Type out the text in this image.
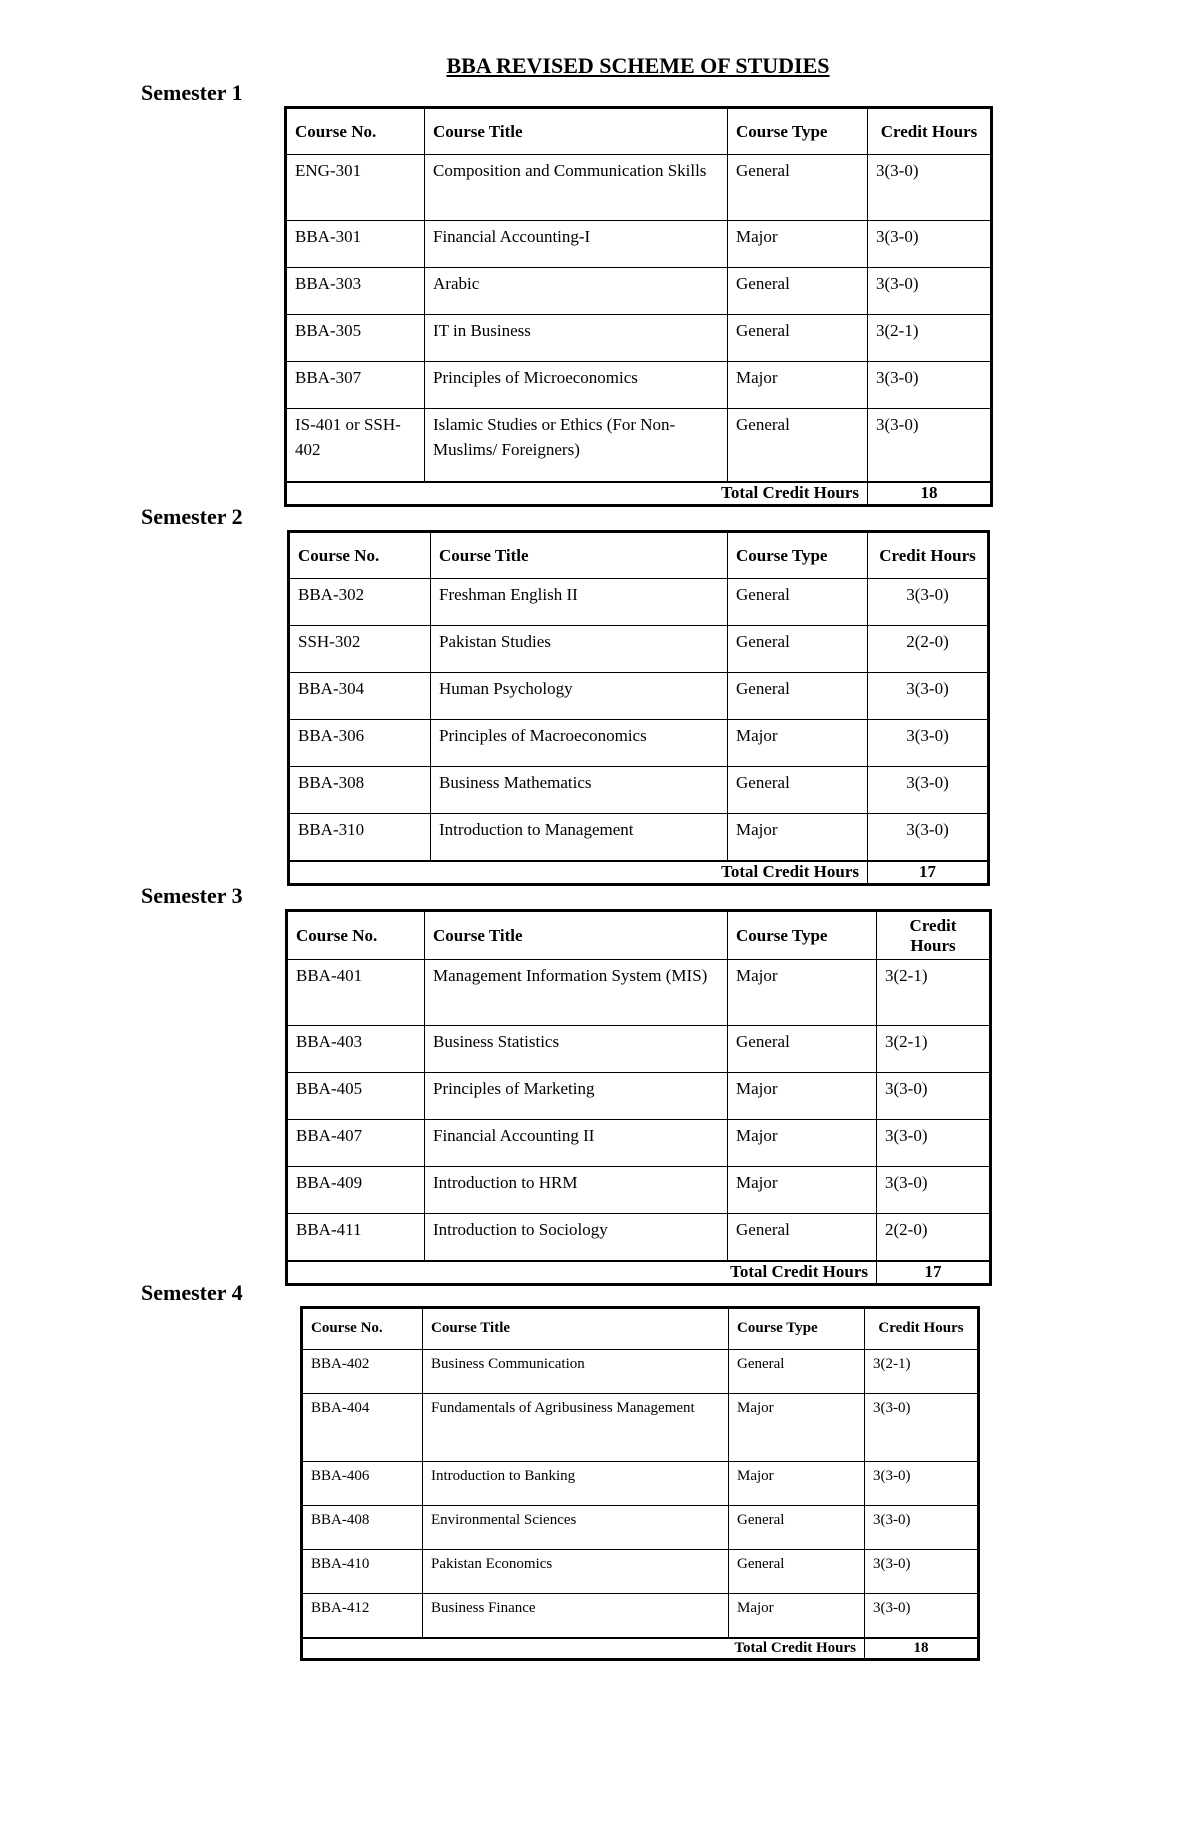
BBA REVISED SCHEME OF STUDIES
Semester 1
Course No.	Course Title	Course Type	Credit Hours
ENG-301	Composition and Communication Skills	General	3(3-0)
BBA-301	Financial Accounting-I	Major	3(3-0)
BBA-303	Arabic	General	3(3-0)
BBA-305	IT in Business	General	3(2-1)
BBA-307	Principles of Microeconomics	Major	3(3-0)
IS-401 or SSH-402	Islamic Studies or Ethics (For Non-Muslims/ Foreigners)	General	3(3-0)
Total Credit Hours			18
Semester 2
Course No.	Course Title	Course Type	Credit Hours
BBA-302	Freshman English II	General	3(3-0)
SSH-302	Pakistan Studies	General	2(2-0)
BBA-304	Human Psychology	General	3(3-0)
BBA-306	Principles of Macroeconomics	Major	3(3-0)
BBA-308	Business Mathematics	General	3(3-0)
BBA-310	Introduction to Management	Major	3(3-0)
Total Credit Hours			17
Semester 3
Course No.	Course Title	Course Type	Credit Hours
BBA-401	Management Information System (MIS)	Major	3(2-1)
BBA-403	Business Statistics	General	3(2-1)
BBA-405	Principles of Marketing	Major	3(3-0)
BBA-407	Financial Accounting II	Major	3(3-0)
BBA-409	Introduction to HRM	Major	3(3-0)
BBA-411	Introduction to Sociology	General	2(2-0)
Total Credit Hours			17
Semester 4
Course No.	Course Title	Course Type	Credit Hours
BBA-402	Business Communication	General	3(2-1)
BBA-404	Fundamentals of Agribusiness Management	Major	3(3-0)
BBA-406	Introduction to Banking	Major	3(3-0)
BBA-408	Environmental Sciences	General	3(3-0)
BBA-410	Pakistan Economics	General	3(3-0)
BBA-412	Business Finance	Major	3(3-0)
Total Credit Hours			18
